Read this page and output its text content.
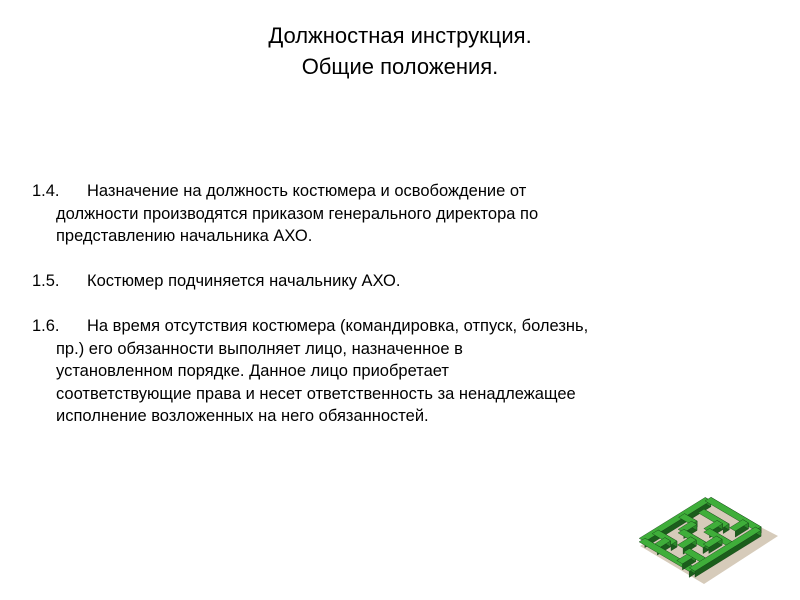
Должностная инструкция.
Общие положения.
1.4.	Назначение на должность костюмера и освобождение от
должности производятся приказом генерального директора по
представлению начальника АХО.
1.5.	Костюмер подчиняется начальнику АХО.
1.6.	На время отсутствия костюмера (командировка, отпуск, болезнь,
пр.) его обязанности выполняет лицо, назначенное в
установленном порядке. Данное лицо приобретает
соответствующие права и несет ответственность за ненадлежащее
исполнение возложенных на него обязанностей.
